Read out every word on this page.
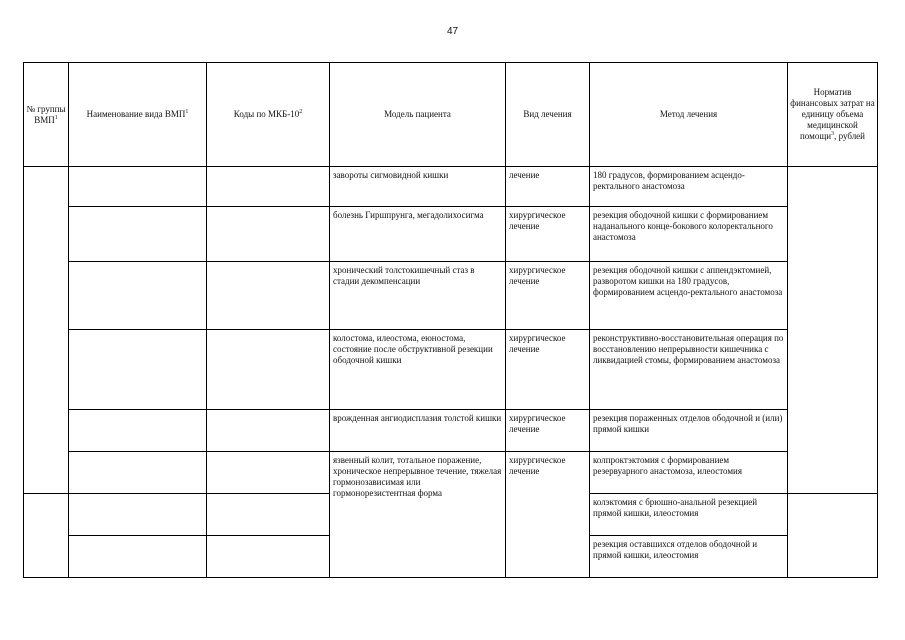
47
№ группы ВМП$^1$	Наименование вида ВМП$^1$	Коды по МКБ-$10^2$	Модель пациента	Вид лечения	Метод лечения	Норматив финансовых затрат на единицу объема медицинской помощи$^3$, рублей
			завороты сигмовидной кишки	лечение	180 градусов, формированием асцендо-ректального анастомоза	
			болезнь Гиршпрунга, мегадолихосигма	хирургическое лечение	резекция ободочной кишки с формированием наданального конце-бокового колоректального анастомоза	
			хронический толстокишечный стаз в стадии декомпенсации	хирургическое лечение	резекция ободочной кишки с аппендэктомией, разворотом кишки на 180 градусов, формированием асцендо-ректального анастомоза	
			колостома, илеостома, еюностома, состояние после обструктивной резекции ободочной кишки	хирургическое лечение	реконструктивно-восстановительная операция по восстановлению непрерывности кишечника с ликвидацией стомы, формированием анастомоза	
			врожденная ангиодисплазия толстой кишки	хирургическое лечение	резекция пораженных отделов ободочной и (или) прямой кишки	
			язвенный колит, тотальное поражение, хроническое непрерывное течение, тяжелая гормонозависимая или гормонорезистентная форма	хирургическое лечение	колпроктэктомия с формированием резервуарного анастомоза, илеостомия	
					колэктомия с брюшно-анальной резекцией прямой кишки, илеостомия	
					резекция оставшихся отделов ободочной и прямой кишки, илеостомия	
